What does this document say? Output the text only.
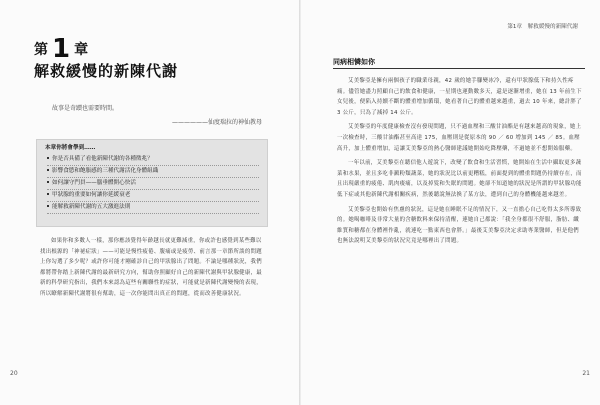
第 1 章
解救緩慢的新陳代謝
故事是奇蹟也需要時間。
——————仙度瑞拉的神仙教母
本章你將會學到……
你是否具備了看他新陳代謝的各種徵兆？
影響食慾和飽脹感的三種代謝活化身體組織
如何讓守門員——腦垂體開心快活
甲狀腺的重要如何讓你延緩衰老
能解救新陳代謝的五大激進法則

如果你和多數人一樣，那你應該覺得年齡越長就更難減重，你或許也感覺到某些難以找出根源的「神祕症狀」——可能是慢性疲倦、腹痛或是疲勞、前言那一章節所談的問題上你勾選了多少呢？或許你可能才剛確診自己的甲狀腺出了問題。不論是哪種狀況，我們都將帶你踏上新陳代謝的最新研究方向，幫助你照顧好自己的新陳代謝與甲狀腺健康，最新的科學研究指出，我們本來認為這些有關聯性的症狀，可能就是新陳代謝變慢的表現，所以瞭解新陳代謝將很有幫助，這一次你能問出真正的問題，從而改善健康狀況。

20
第1章　解救緩慢的新陳代謝
同病相憐如你

艾美黎亞是擁有兩個孩子的職業母親，42 歲的她手腳變冰冷，還有甲狀腺低下和持久性疼痛。儘管她盡力照顧自己的飲食和健康，一星期也運動數多天，還是逐漸增重，她在 13 年前生下女兒後，便陷入持續不斷的體重增加循環，她看著自己的體重越來越重，過去 10 年來，總計胖了 3 公斤，只為了減掉 14 公斤。

艾美黎亞的年度健康檢查沒有發現問題，只不過血壓和三酸甘油酯是有越來越高的現象，她上一次檢查時，三酸甘油酯甚至高達 175，血壓則是從原本的 90 ／ 60 增加到 145 ／ 85。血壓高升，加上體重增加，這讓艾美黎亞的熱心醫師建議她開始吃降壓藥，不過她並不想開始服藥。

一年以前，艾美黎亞在聽信他人遊說下，改變了飲食和生活習慣，她開始在生活中攝取更多蔬菜和水果，並且多吃非澱粉類蔬菜，她的狀況比以前更糟糕，前面提到的體重問題仍持續存在，而且出現嚴重的疲倦、肌肉痠痛，以及掉髮和失眠的問題。她卻不知道她的狀況是所謂的甲狀腺功能低下症或其他新陳代謝相關疾病，然後聽說無法換了某方法，遭到自己的身體機能越來越差。

艾美黎亞也開始有焦慮的狀況，這是她在睡眠不足的情況下，又一直擔心自己吃得太多所導致的。她喝咖啡及非常大量的含糖飲料來保持清醒，連她自己都說：「我全身都很不舒服，脂肪、纖維質和糖都在身體裡作亂，就連吃一點東西也會胖。」最後艾美黎亞決定求助專業醫師，但是他們也無法說明艾美黎亞的狀況究竟是哪裡出了問題。

21
